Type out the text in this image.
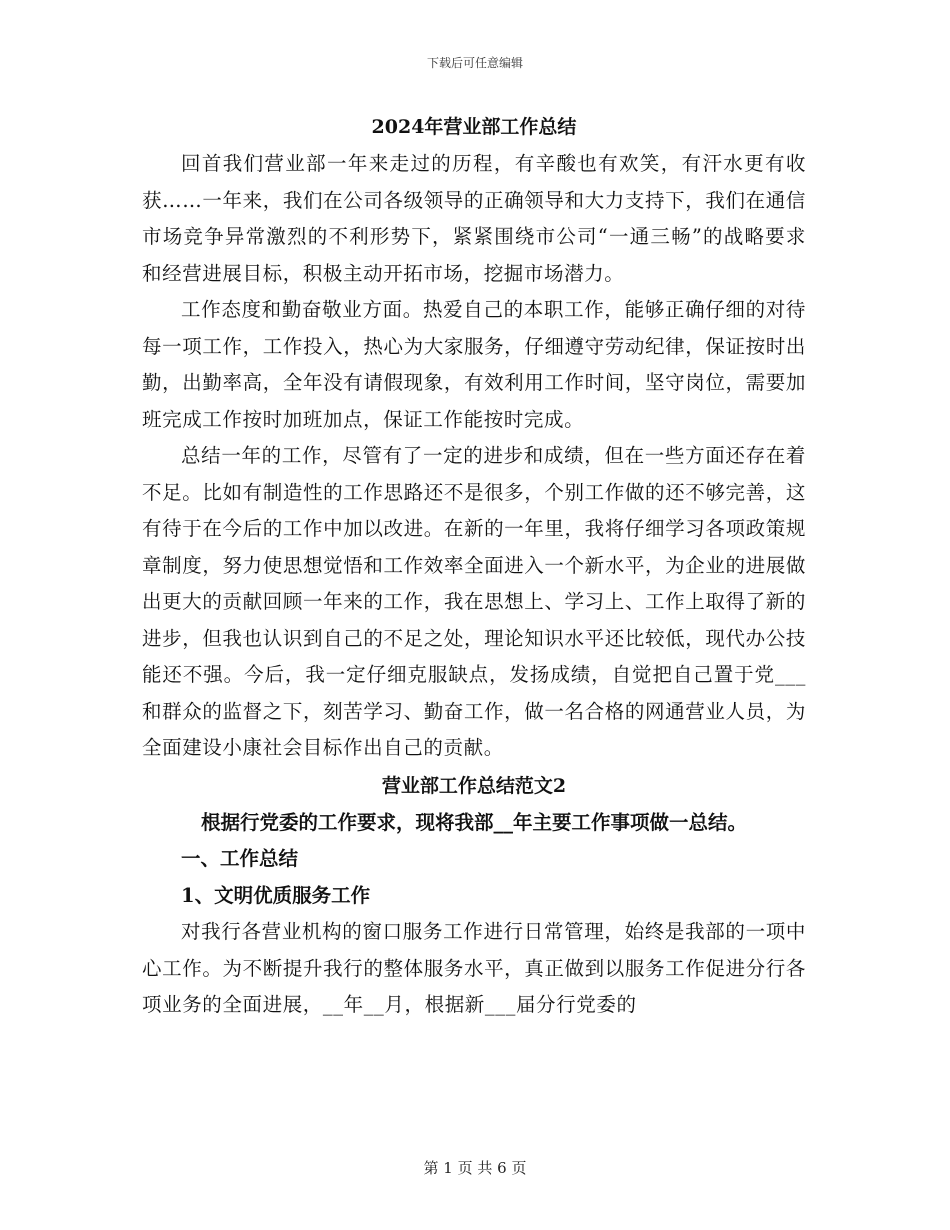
下载后可任意编辑
2024年营业部工作总结

回首我们营业部一年来走过的历程，有辛酸也有欢笑，有汗水更有收获……一年来，我们在公司各级领导的正确领导和大力支持下，我们在通信市场竞争异常激烈的不利形势下，紧紧围绕市公司“一通三畅”的战略要求和经营进展目标，积极主动开拓市场，挖掘市场潜力。

工作态度和勤奋敬业方面。热爱自己的本职工作，能够正确仔细的对待每一项工作，工作投入，热心为大家服务，仔细遵守劳动纪律，保证按时出勤，出勤率高，全年没有请假现象，有效利用工作时间，坚守岗位，需要加班完成工作按时加班加点，保证工作能按时完成。

总结一年的工作，尽管有了一定的进步和成绩，但在一些方面还存在着不足。比如有制造性的工作思路还不是很多，个别工作做的还不够完善，这有待于在今后的工作中加以改进。在新的一年里，我将仔细学习各项政策规章制度，努力使思想觉悟和工作效率全面进入一个新水平，为企业的进展做出更大的贡献回顾一年来的工作，我在思想上、学习上、工作上取得了新的进步，但我也认识到自己的不足之处，理论知识水平还比较低，现代办公技能还不强。今后，我一定仔细克服缺点，发扬成绩，自觉把自己置于党___和群众的监督之下，刻苦学习、勤奋工作，做一名合格的网通营业人员，为全面建设小康社会目标作出自己的贡献。

营业部工作总结范文2

根据行党委的工作要求，现将我部__年主要工作事项做一总结。

一、工作总结

1、文明优质服务工作

对我行各营业机构的窗口服务工作进行日常管理，始终是我部的一项中心工作。为不断提升我行的整体服务水平，真正做到以服务工作促进分行各项业务的全面进展，__年__月，根据新___届分行党委的

第 1 页 共 6 页
